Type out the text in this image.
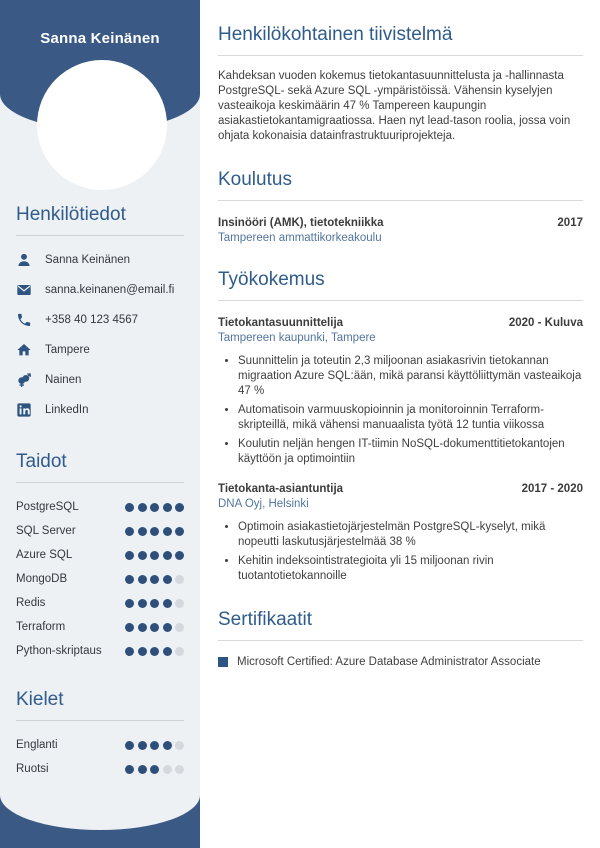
Sanna Keinänen
Henkilötiedot
Sanna Keinänen
sanna.keinanen@email.fi
+358 40 123 4567
Tampere
Nainen
LinkedIn
Taidot
PostgreSQL
SQL Server
Azure SQL
MongoDB
Redis
Terraform
Python-skriptaus
Kielet
Englanti
Ruotsi
Henkilökohtainen tiivistelmä

Kahdeksan vuoden kokemus tietokantasuunnittelusta ja -hallinnasta PostgreSQL- sekä Azure SQL -ympäristöissä. Vähensin kyselyjen vasteaikoja keskimäärin 47 % Tampereen kaupungin asiakastietokantamigraatiossa. Haen nyt lead-tason roolia, jossa voin ohjata kokonaisia datainfrastruktuuriprojekteja.

Koulutus
Insinööri (AMK), tietotekniikka	2017
Tampereen ammattikorkeakoulu
Työkokemus
Tietokantasuunnittelija	2020 - Kuluva
Tampereen kaupunki, Tampere
• Suunnittelin ja toteutin 2,3 miljoonan asiakasrivin tietokannan migraation Azure SQL:ään, mikä paransi käyttöliittymän vasteaikoja 47 %
• Automatisoin varmuuskopioinnin ja monitoroinnin Terraform-skripteillä, mikä vähensi manuaalista työtä 12 tuntia viikossa
• Koulutin neljän hengen IT-tiimin NoSQL-dokumenttitietokantojen käyttöön ja optimointiin
Tietokanta-asiantuntija	2017 - 2020
DNA Oyj, Helsinki
• Optimoin asiakastietojärjestelmän PostgreSQL-kyselyt, mikä nopeutti laskutusjärjestelmää 38 %
• Kehitin indeksointistrategioita yli 15 miljoonan rivin tuotantotietokannoille
Sertifikaatit
Microsoft Certified: Azure Database Administrator Associate
